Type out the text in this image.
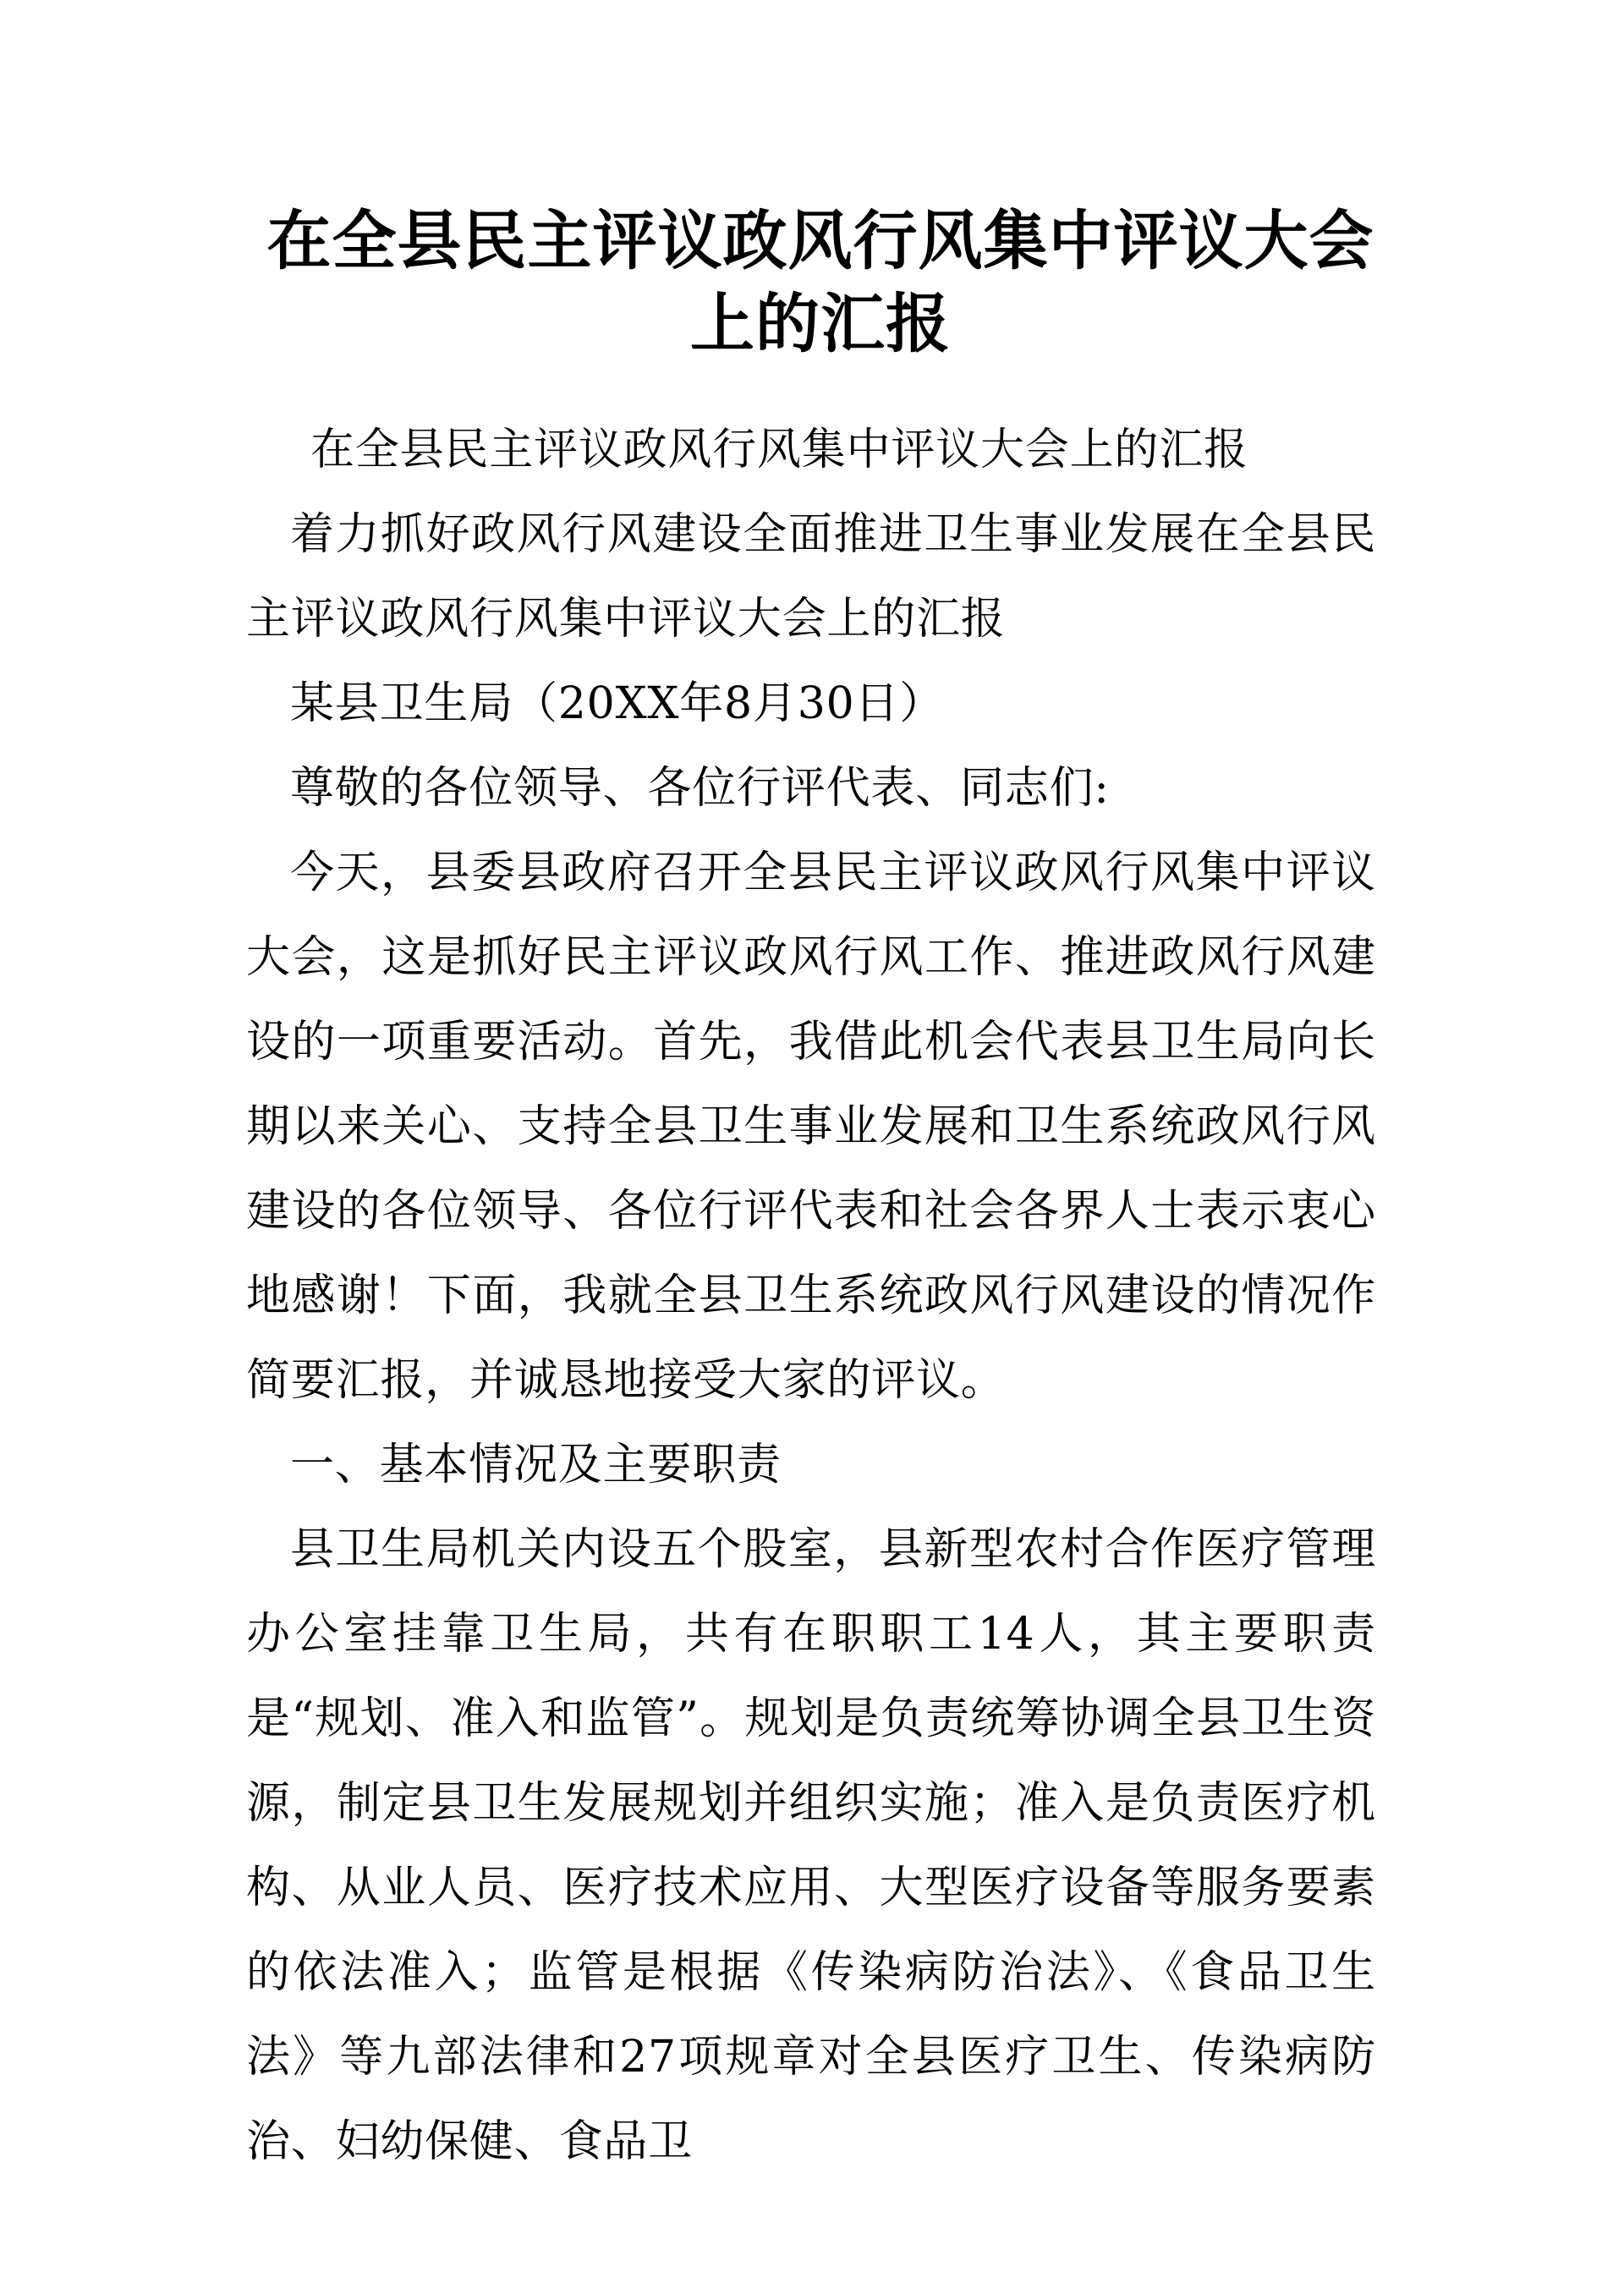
在全县民主评议政风行风集中评议大会上的汇报

在全县民主评议政风行风集中评议大会上的汇报

着力抓好政风行风建设全面推进卫生事业发展在全县民主评议政风行风集中评议大会上的汇报

某县卫生局（20XX年8月30日）

尊敬的各位领导、各位行评代表、同志们:

今天，县委县政府召开全县民主评议政风行风集中评议大会，这是抓好民主评议政风行风工作、推进政风行风建设的一项重要活动。首先，我借此机会代表县卫生局向长期以来关心、支持全县卫生事业发展和卫生系统政风行风建设的各位领导、各位行评代表和社会各界人士表示衷心地感谢！下面，我就全县卫生系统政风行风建设的情况作简要汇报，并诚恳地接受大家的评议。

一、基本情况及主要职责

县卫生局机关内设五个股室，县新型农村合作医疗管理办公室挂靠卫生局，共有在职职工14人，其主要职责是“规划、准入和监管”。规划是负责统筹协调全县卫生资源，制定县卫生发展规划并组织实施；准入是负责医疗机构、从业人员、医疗技术应用、大型医疗设备等服务要素的依法准入；监管是根据《传染病防治法》、《食品卫生法》等九部法律和27项规章对全县医疗卫生、传染病防治、妇幼保健、食品卫
